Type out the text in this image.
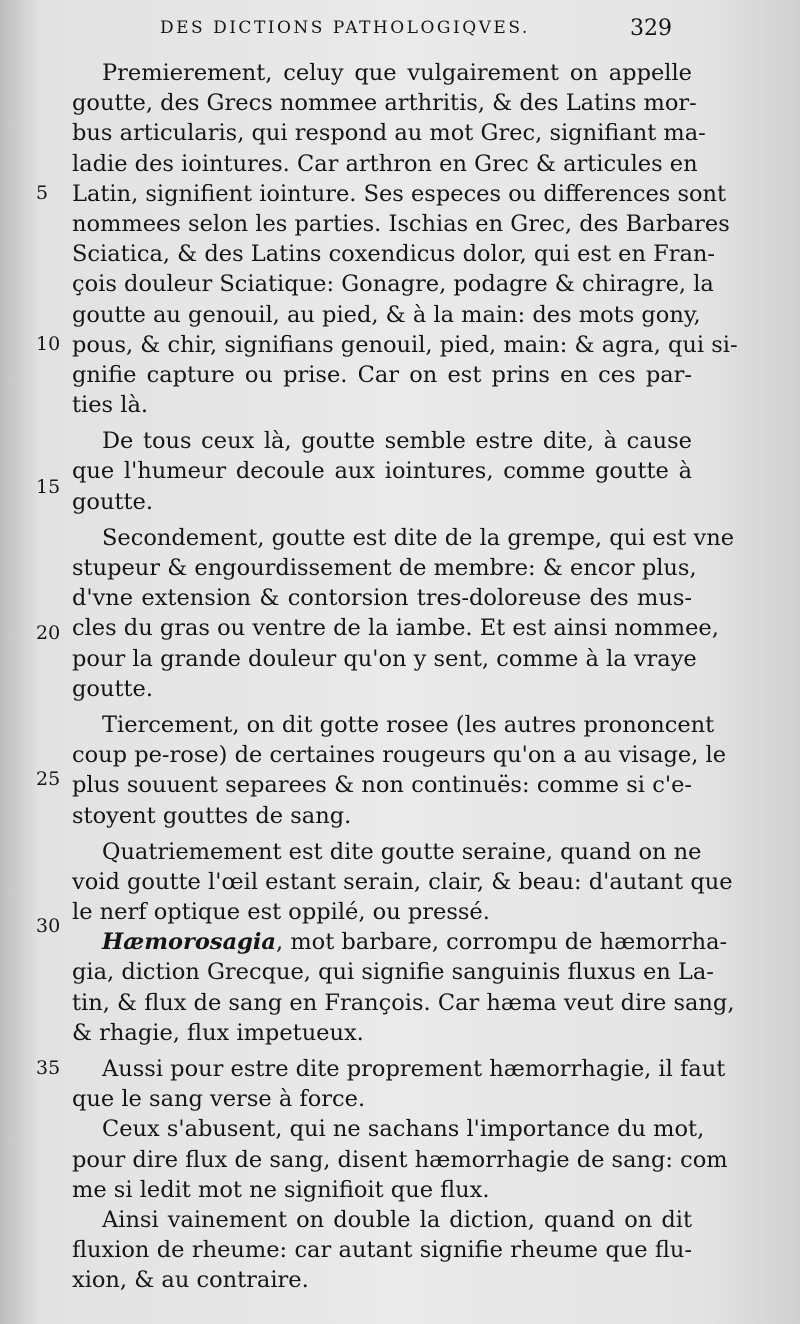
DES DICTIONS PATHOLOGIQVES.	329
5
10
15
20
25
30
35
Premierement, celuy que vulgairement on appelle
goutte, des Grecs nommee arthritis, & des Latins mor-
bus articularis, qui respond au mot Grec, signifiant ma-
ladie des iointures. Car arthron en Grec & articules en
Latin, signifient iointure. Ses especes ou differences sont
nommees selon les parties. Ischias en Grec, des Barbares
Sciatica, & des Latins coxendicus dolor, qui est en Fran-
çois douleur Sciatique: Gonagre, podagre & chiragre, la
goutte au genouil, au pied, & à la main: des mots gony,
pous, & chir, signifians genouil, pied, main: & agra, qui si-
gnifie capture ou prise. Car on est prins en ces par-
ties là.
De tous ceux là, goutte semble estre dite, à cause
que l'humeur decoule aux iointures, comme goutte à
goutte.
Secondement, goutte est dite de la grempe, qui est vne
stupeur & engourdissement de membre: & encor plus,
d'vne extension & contorsion tres-doloreuse des mus-
cles du gras ou ventre de la iambe. Et est ainsi nommee,
pour la grande douleur qu'on y sent, comme à la vraye
goutte.
Tiercement, on dit gotte rosee (les autres prononcent
coup pe-rose) de certaines rougeurs qu'on a au visage, le
plus souuent separees & non continuës: comme si c'e-
stoyent gouttes de sang.
Quatriemement est dite goutte seraine, quand on ne
void goutte l'œil estant serain, clair, & beau: d'autant que
le nerf optique est oppilé, ou pressé.
Hæmorosagia, mot barbare, corrompu de hæmorrha-
gia, diction Grecque, qui signifie sanguinis fluxus en La-
tin, & flux de sang en François. Car hæma veut dire sang,
& rhagie, flux impetueux.
Aussi pour estre dite proprement hæmorrhagie, il faut
que le sang verse à force.
Ceux s'abusent, qui ne sachans l'importance du mot,
pour dire flux de sang, disent hæmorrhagie de sang: com
me si ledit mot ne signifioit que flux.
Ainsi vainement on double la diction, quand on dit
fluxion de rheume: car autant signifie rheume que flu-
xion, & au contraire.
